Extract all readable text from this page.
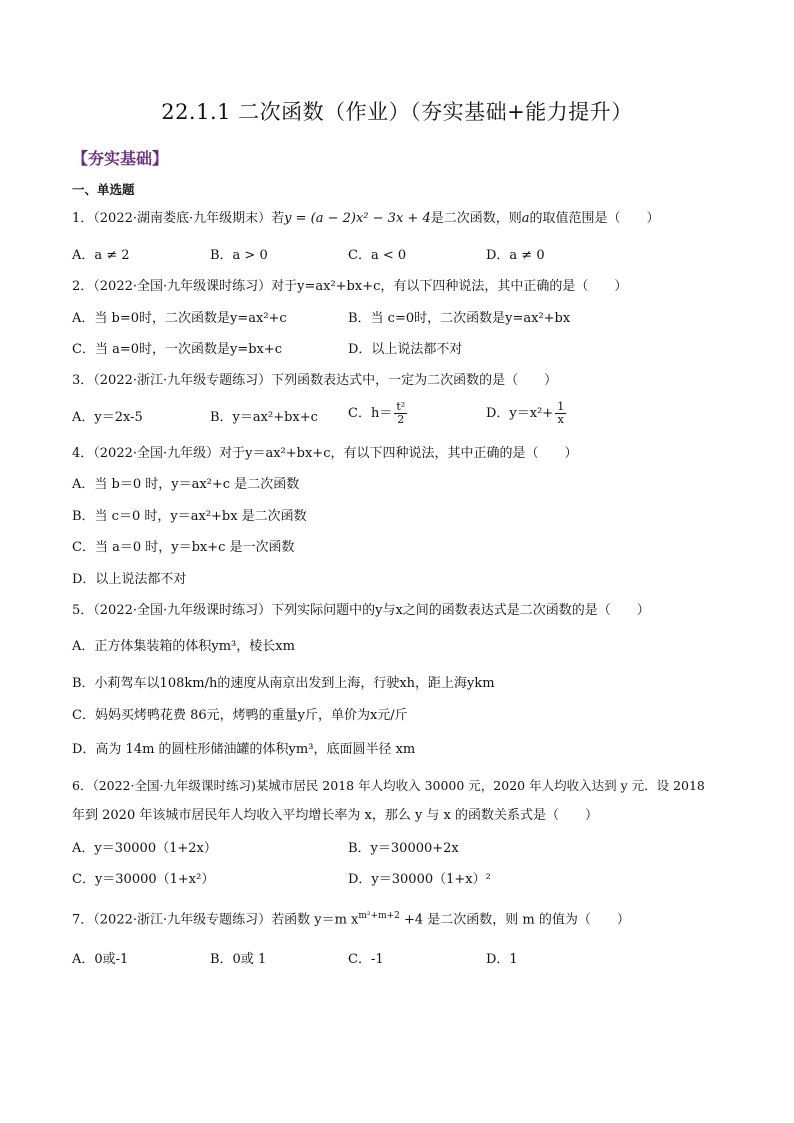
22.1.1 二次函数（作业）（夯实基础+能力提升）
【夯实基础】
一、单选题
1．（2022·湖南娄底·九年级期末）若y = (a − 2)x² − 3x + 4是二次函数，则a的取值范围是（　　）
A．a ≠ 2	B．a > 0	C．a < 0	D．a ≠ 0
2．（2022·全国·九年级课时练习）对于y=ax²+bx+c，有以下四种说法，其中正确的是（　　）
A．当 b=0时，二次函数是y=ax²+c	B．当 c=0时，二次函数是y=ax²+bx
C．当 a=0时，一次函数是y=bx+c	D．以上说法都不对
3．（2022·浙江·九年级专题练习）下列函数表达式中，一定为二次函数的是（　　）
A．y＝2x-5	B．y＝ax²+bx+c C．$h= \frac{\text{t²}}{2}$	D．$y=x^2+ \frac{1}{x}$
4．（2022·全国·九年级）对于y＝ax²+bx+c，有以下四种说法，其中正确的是（　　）
A．当 b＝0 时，y＝ax²+c 是二次函数
B．当 c＝0 时，y＝ax²+bx 是二次函数
C．当 a＝0 时，y＝bx+c 是一次函数
D．以上说法都不对
5．（2022·全国·九年级课时练习）下列实际问题中的y与x之间的函数表达式是二次函数的是（　　）
A．正方体集装箱的体积ym³，棱长xm
B．小莉驾车以108km/h的速度从南京出发到上海，行驶xh，距上海ykm
C．妈妈买烤鸭花费 86元，烤鸭的重量y斤，单价为x元/斤
D．高为 14m 的圆柱形储油罐的体积ym³，底面圆半径 xm
6．（2022·全国·九年级课时练习)某城市居民 2018 年人均收入 30000 元，2020 年人均收入达到 y 元．设 2018
年到 2020 年该城市居民年人均收入平均增长率为 x，那么 y 与 x 的函数关系式是（　　）
A．y＝30000（1+2x）	B．y＝30000+2x
C．y＝30000（1+x²）	D．y＝30000（1+x）²
7．（2022·浙江·九年级专题练习）若函数 y＝m $x^{m^2+m+2} +4$ 是二次函数，则 m 的值为（　　）
A．0或-1	B．0或 1	C．-1	D．1
